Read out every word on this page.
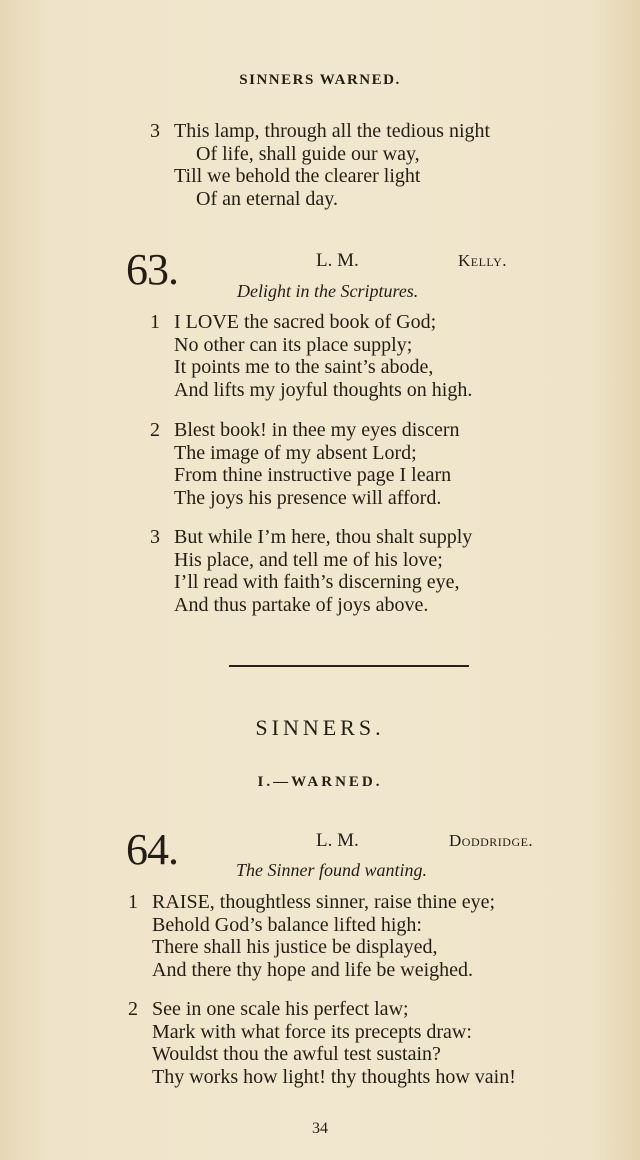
SINNERS WARNED.
3 This lamp, through all the tedious night
Of life, shall guide our way,
Till we behold the clearer light
Of an eternal day.
63.	L. M.	Kelly.
Delight in the Scriptures.
1 I LOVE the sacred book of God;
No other can its place supply;
It points me to the saint’s abode,
And lifts my joyful thoughts on high.
2 Blest book! in thee my eyes discern
The image of my absent Lord;
From thine instructive page I learn
The joys his presence will afford.
3 But while I’m here, thou shalt supply
His place, and tell me of his love;
I’ll read with faith’s discerning eye,
And thus partake of joys above.
SINNERS.
I.—WARNED.
64.	L. M.	Doddridge.
The Sinner found wanting.
1 RAISE, thoughtless sinner, raise thine eye;
Behold God’s balance lifted high:
There shall his justice be displayed,
And there thy hope and life be weighed.
2 See in one scale his perfect law;
Mark with what force its precepts draw:
Wouldst thou the awful test sustain?
Thy works how light! thy thoughts how vain!
34
